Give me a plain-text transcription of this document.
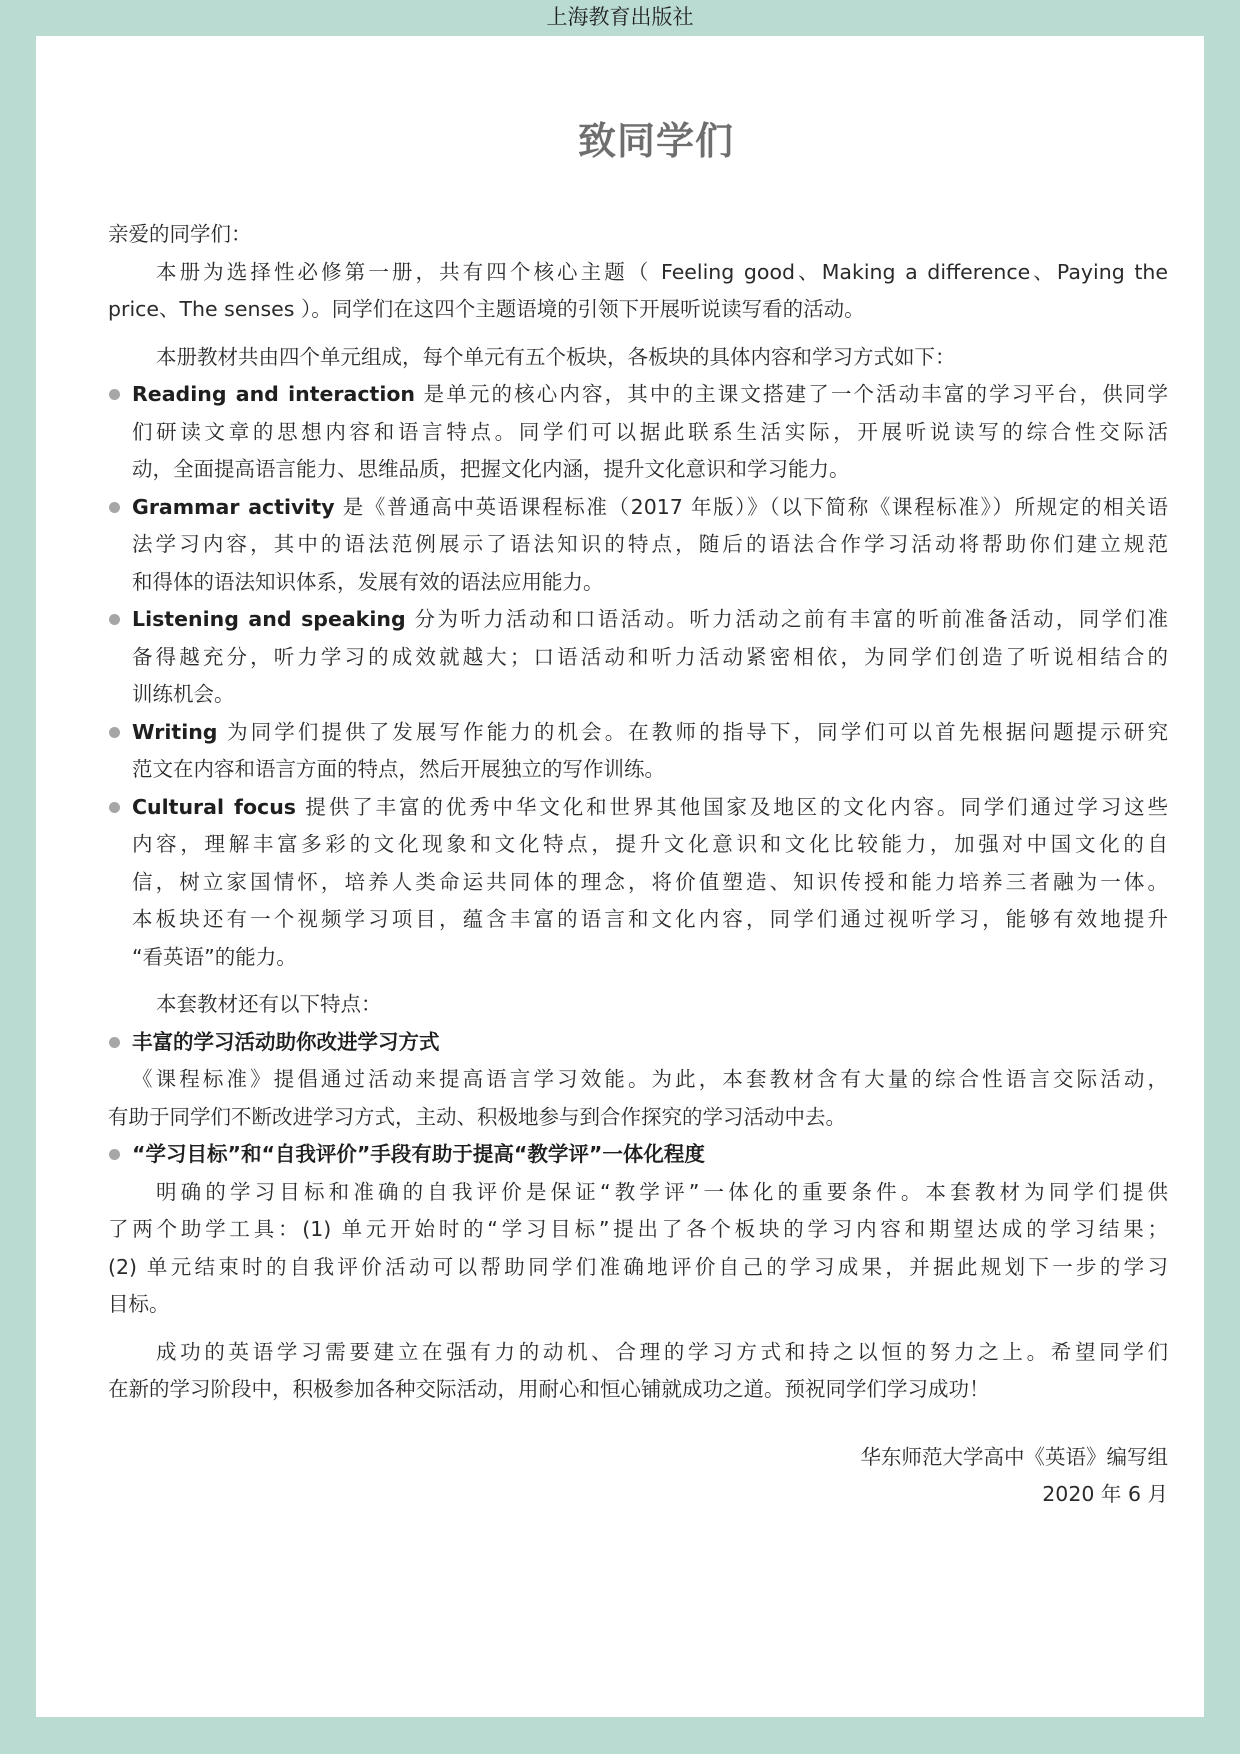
上海教育出版社
致同学们
亲爱的同学们：
本册为选择性必修第一册，共有四个核心主题（ Feeling good、Making a difference、Paying the
price、The senses ）。同学们在这四个主题语境的引领下开展听说读写看的活动。
本册教材共由四个单元组成，每个单元有五个板块，各板块的具体内容和学习方式如下：
Reading and interaction 是单元的核心内容，其中的主课文搭建了一个活动丰富的学习平台，供同学
们研读文章的思想内容和语言特点。同学们可以据此联系生活实际，开展听说读写的综合性交际活
动，全面提高语言能力、思维品质，把握文化内涵，提升文化意识和学习能力。
Grammar activity 是《普通高中英语课程标准（2017 年版）》（以下简称《课程标准》）所规定的相关语
法学习内容，其中的语法范例展示了语法知识的特点，随后的语法合作学习活动将帮助你们建立规范
和得体的语法知识体系，发展有效的语法应用能力。
Listening and speaking 分为听力活动和口语活动。听力活动之前有丰富的听前准备活动，同学们准
备得越充分，听力学习的成效就越大；口语活动和听力活动紧密相依，为同学们创造了听说相结合的
训练机会。
Writing 为同学们提供了发展写作能力的机会。在教师的指导下，同学们可以首先根据问题提示研究
范文在内容和语言方面的特点，然后开展独立的写作训练。
Cultural focus 提供了丰富的优秀中华文化和世界其他国家及地区的文化内容。同学们通过学习这些
内容，理解丰富多彩的文化现象和文化特点，提升文化意识和文化比较能力，加强对中国文化的自
信，树立家国情怀，培养人类命运共同体的理念，将价值塑造、知识传授和能力培养三者融为一体。
本板块还有一个视频学习项目，蕴含丰富的语言和文化内容，同学们通过视听学习，能够有效地提升
“看英语”的能力。
本套教材还有以下特点：
丰富的学习活动助你改进学习方式
《课程标准》提倡通过活动来提高语言学习效能。为此，本套教材含有大量的综合性语言交际活动，
有助于同学们不断改进学习方式，主动、积极地参与到合作探究的学习活动中去。
“学习目标”和“自我评价”手段有助于提高“教学评”一体化程度
明确的学习目标和准确的自我评价是保证“教学评”一体化的重要条件。本套教材为同学们提供
了两个助学工具：(1) 单元开始时的“学习目标”提出了各个板块的学习内容和期望达成的学习结果；
(2) 单元结束时的自我评价活动可以帮助同学们准确地评价自己的学习成果，并据此规划下一步的学习
目标。
成功的英语学习需要建立在强有力的动机、合理的学习方式和持之以恒的努力之上。希望同学们
在新的学习阶段中，积极参加各种交际活动，用耐心和恒心铺就成功之道。预祝同学们学习成功！
华东师范大学高中《英语》编写组
2020 年 6 月
